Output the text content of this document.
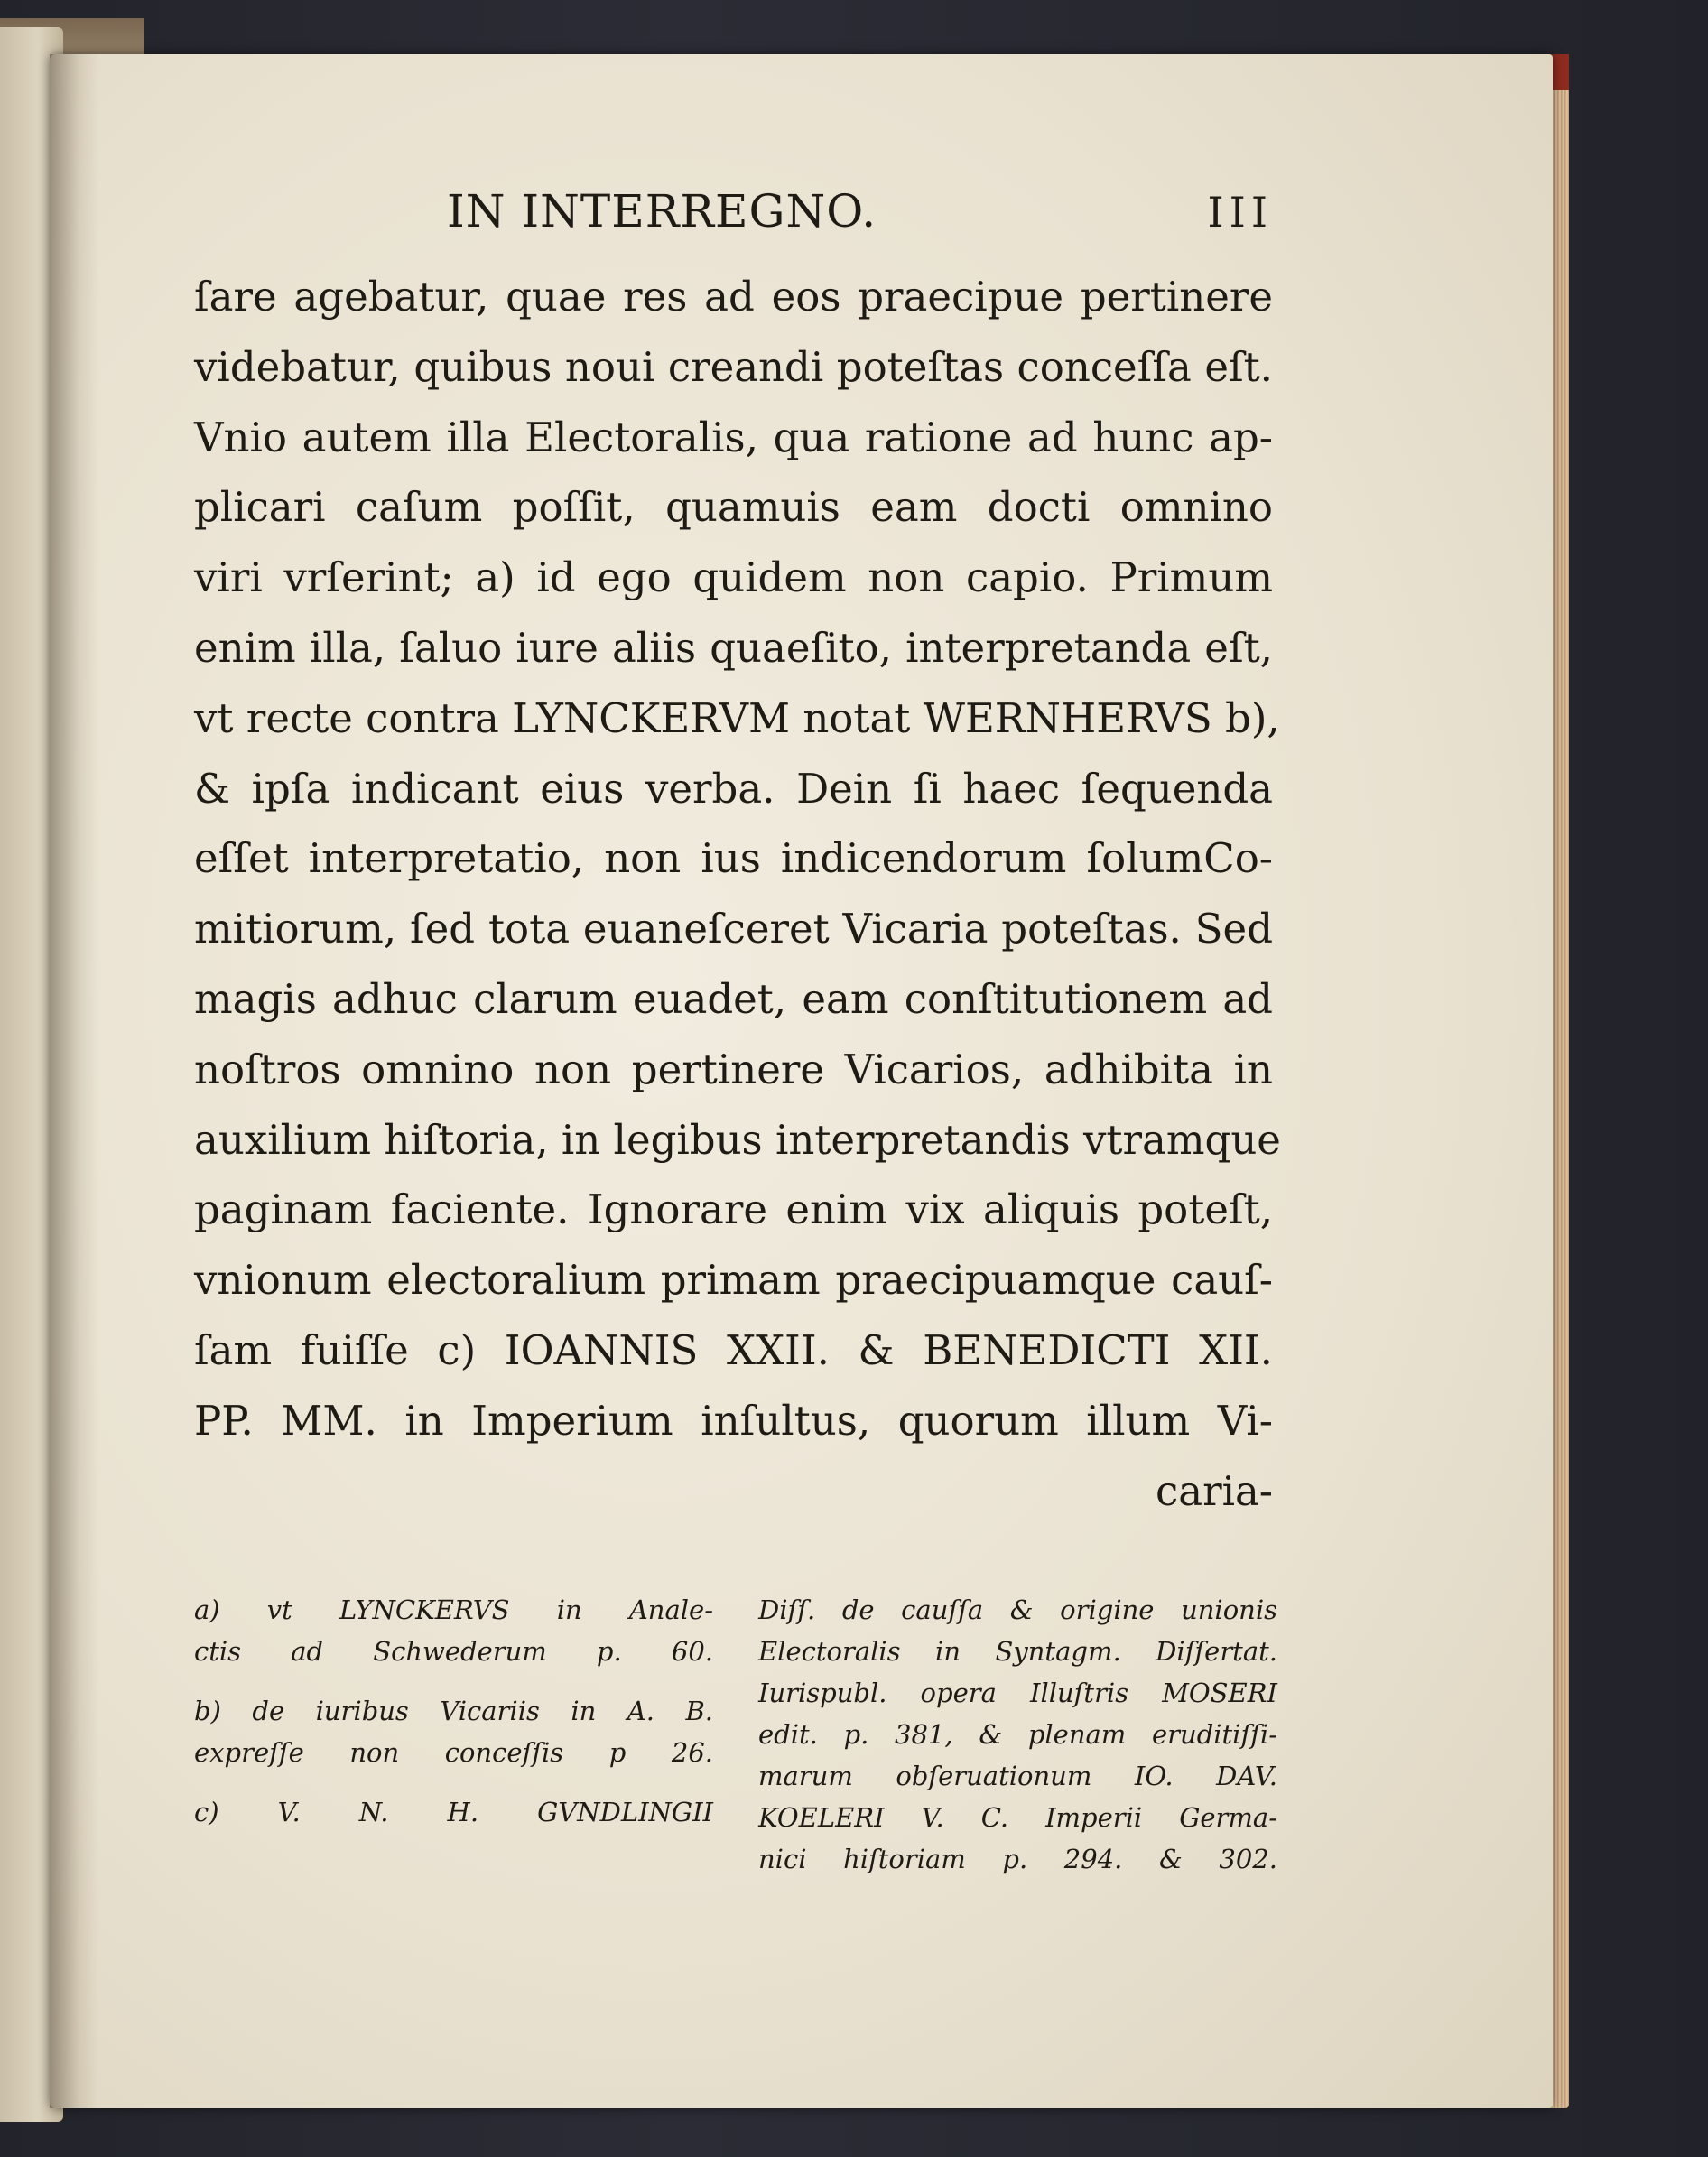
IN INTERREGNO.	III
ſare agebatur, quae res ad eos praecipue pertinere
videbatur, quibus noui creandi poteſtas conceſſa eſt.
Vnio autem illa Electoralis, qua ratione ad hunc ap-
plicari caſum poſſit, quamuis eam docti omnino
viri vrſerint; a) id ego quidem non capio. Primum
enim illa, ſaluo iure aliis quaeſito, interpretanda eſt,
vt recte contra LYNCKERVM notat WERNHERVS b),
& ipſa indicant eius verba. Dein ſi haec ſequenda
eſſet interpretatio, non ius indicendorum ſolumCo-
mitiorum, ſed tota euaneſceret Vicaria poteſtas. Sed
magis adhuc clarum euadet, eam conſtitutionem ad
noſtros omnino non pertinere Vicarios, adhibita in
auxilium hiſtoria, in legibus interpretandis vtramque
paginam faciente. Ignorare enim vix aliquis poteſt,
vnionum electoralium primam praecipuamque cauſ-
ſam fuiſſe c) IOANNIS XXII. & BENEDICTI XII.
PP. MM. in Imperium inſultus, quorum illum Vi-
caria-
a) vt LYNCKERVS in Anale-
ctis ad Schwederum p. 60.
b) de iuribus Vicariis in A. B.
expreſſe non conceſſis p 26.
c) V. N. H. GVNDLINGII
Diſſ. de cauſſa & origine unionis
Electoralis in Syntagm. Diſſertat.
Iurispubl. opera Illuſtris MOSERI
edit. p. 381, & plenam eruditiſſi-
marum obſeruationum IO. DAV.
KOELERI V. C. Imperii Germa-
nici hiſtoriam p. 294. & 302.
